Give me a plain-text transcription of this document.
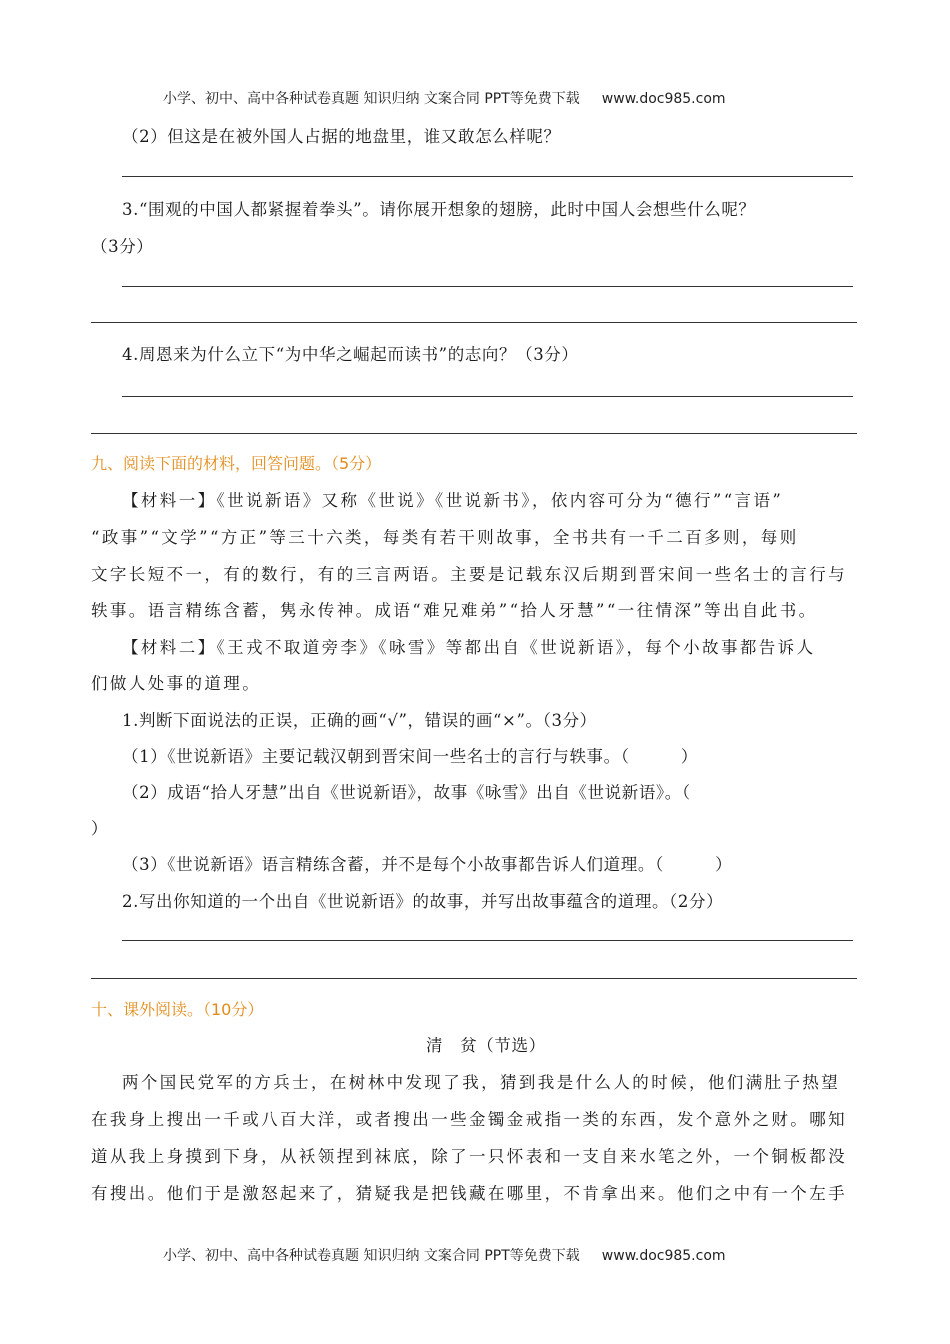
小学、初中、高中各种试卷真题 知识归纳 文案合同 PPT等免费下载 www.doc985.com
（2）但这是在被外国人占据的地盘里，谁又敢怎么样呢？
3.“围观的中国人都紧握着拳头”。请你展开想象的翅膀，此时中国人会想些什么呢？
（3分）
4.周恩来为什么立下“为中华之崛起而读书”的志向？（3分）
九、阅读下面的材料，回答问题。（5分）
【材料一】《世说新语》又称《世说》《世说新书》，依内容可分为“德行”“言语”
“政事”“文学”“方正”等三十六类，每类有若干则故事，全书共有一千二百多则，每则
文字长短不一，有的数行，有的三言两语。主要是记载东汉后期到晋宋间一些名士的言行与
轶事。语言精练含蓄，隽永传神。成语“难兄难弟”“拾人牙慧”“一往情深”等出自此书。
【材料二】《王戎不取道旁李》《咏雪》等都出自《世说新语》，每个小故事都告诉人
们做人处事的道理。
1.判断下面说法的正误，正确的画“√”，错误的画“×”。（3分）
（1）《世说新语》主要记载汉朝到晋宋间一些名士的言行与轶事。（　　　）
（2）成语“拾人牙慧”出自《世说新语》，故事《咏雪》出自《世说新语》。（
）
（3）《世说新语》语言精练含蓄，并不是每个小故事都告诉人们道理。（　　　）
2.写出你知道的一个出自《世说新语》的故事，并写出故事蕴含的道理。（2分）
十、课外阅读。（10分）
清　贫（节选）
两个国民党军的方兵士，在树林中发现了我，猜到我是什么人的时候，他们满肚子热望
在我身上搜出一千或八百大洋，或者搜出一些金镯金戒指一类的东西，发个意外之财。哪知
道从我上身摸到下身，从袄领捏到袜底，除了一只怀表和一支自来水笔之外，一个铜板都没
有搜出。他们于是激怒起来了，猜疑我是把钱藏在哪里，不肯拿出来。他们之中有一个左手
小学、初中、高中各种试卷真题 知识归纳 文案合同 PPT等免费下载 www.doc985.com
